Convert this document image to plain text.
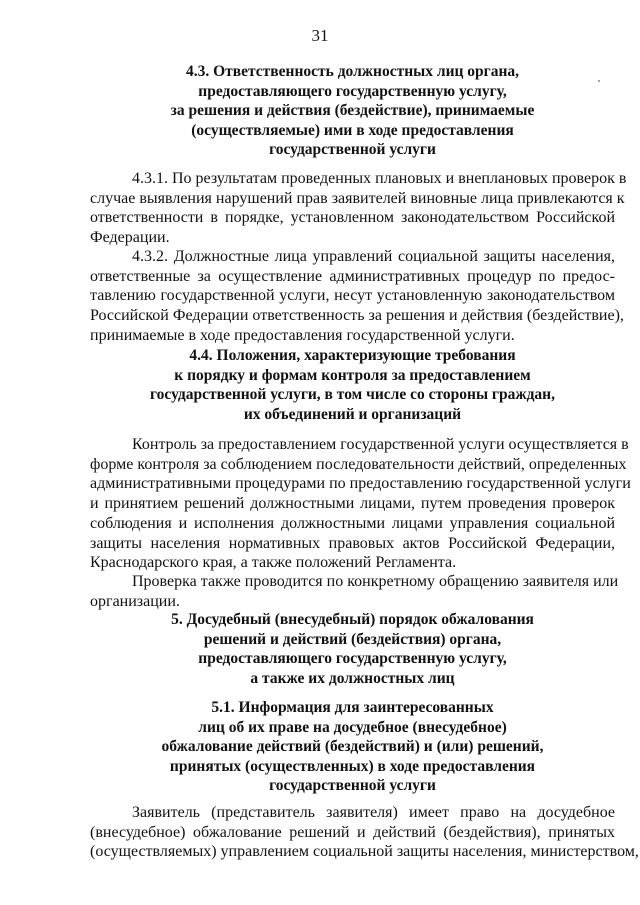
31
4.3. Ответственность должностных лиц органа,
предоставляющего государственную услугу,
за решения и действия (бездействие), принимаемые
(осуществляемые) ими в ходе предоставления
государственной услуги
4.3.1. По результатам проведенных плановых и внеплановых проверок в
случае выявления нарушений прав заявителей виновные лица привлекаются к
ответственности в порядке, установленном законодательством Российской
Федерации.
4.3.2. Должностные лица управлений социальной защиты населения,
ответственные за осуществление административных процедур по предос-
тавлению государственной услуги, несут установленную законодательством
Российской Федерации ответственность за решения и действия (бездействие),
принимаемые в ходе предоставления государственной услуги.
4.4. Положения, характеризующие требования
к порядку и формам контроля за предоставлением
государственной услуги, в том числе со стороны граждан,
их объединений и организаций
Контроль за предоставлением государственной услуги осуществляется в
форме контроля за соблюдением последовательности действий, определенных
административными процедурами по предоставлению государственной услуги
и принятием решений должностными лицами, путем проведения проверок
соблюдения и исполнения должностными лицами управления социальной
защиты населения нормативных правовых актов Российской Федерации,
Краснодарского края, а также положений Регламента.
Проверка также проводится по конкретному обращению заявителя или
организации.
5. Досудебный (внесудебный) порядок обжалования
решений и действий (бездействия) органа,
предоставляющего государственную услугу,
а также их должностных лиц
5.1. Информация для заинтересованных
лиц об их праве на досудебное (внесудебное)
обжалование действий (бездействий) и (или) решений,
принятых (осуществленных) в ходе предоставления
государственной услуги
Заявитель (представитель заявителя) имеет право на досудебное
(внесудебное) обжалование решений и действий (бездействия), принятых
(осуществляемых) управлением социальной защиты населения, министерством,
